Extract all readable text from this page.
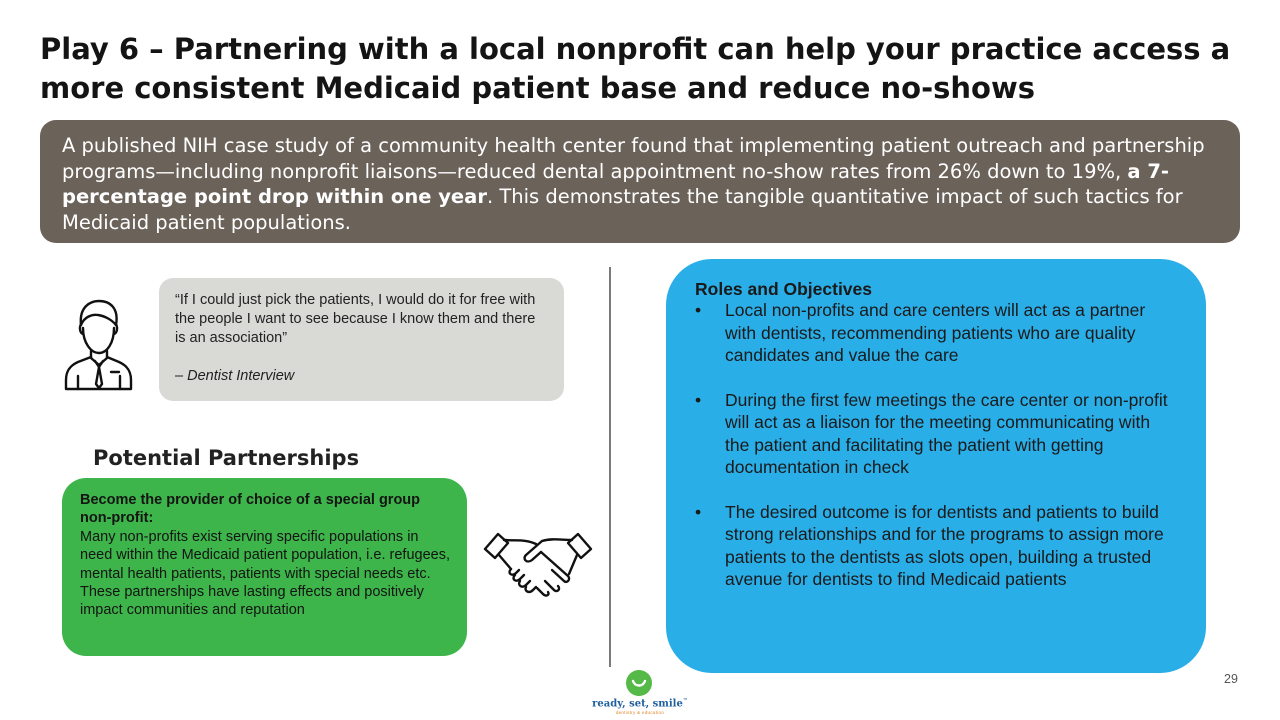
Play 6 – Partnering with a local nonprofit can help your practice access a more consistent Medicaid patient base and reduce no-shows
A published NIH case study of a community health center found that implementing patient outreach and partnership programs—including nonprofit liaisons—reduced dental appointment no-show rates from 26% down to 19%, a 7-percentage point drop within one year. This demonstrates the tangible quantitative impact of such tactics for Medicaid patient populations.
“If I could just pick the patients, I would do it for free with the people I want to see because I know them and there is an association”
– Dentist Interview
Potential Partnerships
Become the provider of choice of a special group non-profit:
Many non-profits exist serving specific populations in need within the Medicaid patient population, i.e. refugees, mental health patients, patients with special needs etc. These partnerships have lasting effects and positively impact communities and reputation
Roles and Objectives
• Local non-profits and care centers will act as a partner with dentists, recommending patients who are quality candidates and value the care
• During the first few meetings the care center or non-profit will act as a liaison for the meeting communicating with the patient and facilitating the patient with getting documentation in check
• The desired outcome is for dentists and patients to build strong relationships and for the programs to assign more patients to the dentists as slots open, building a trusted avenue for dentists to find Medicaid patients
ready, set, smile™
dentistry & education
29
